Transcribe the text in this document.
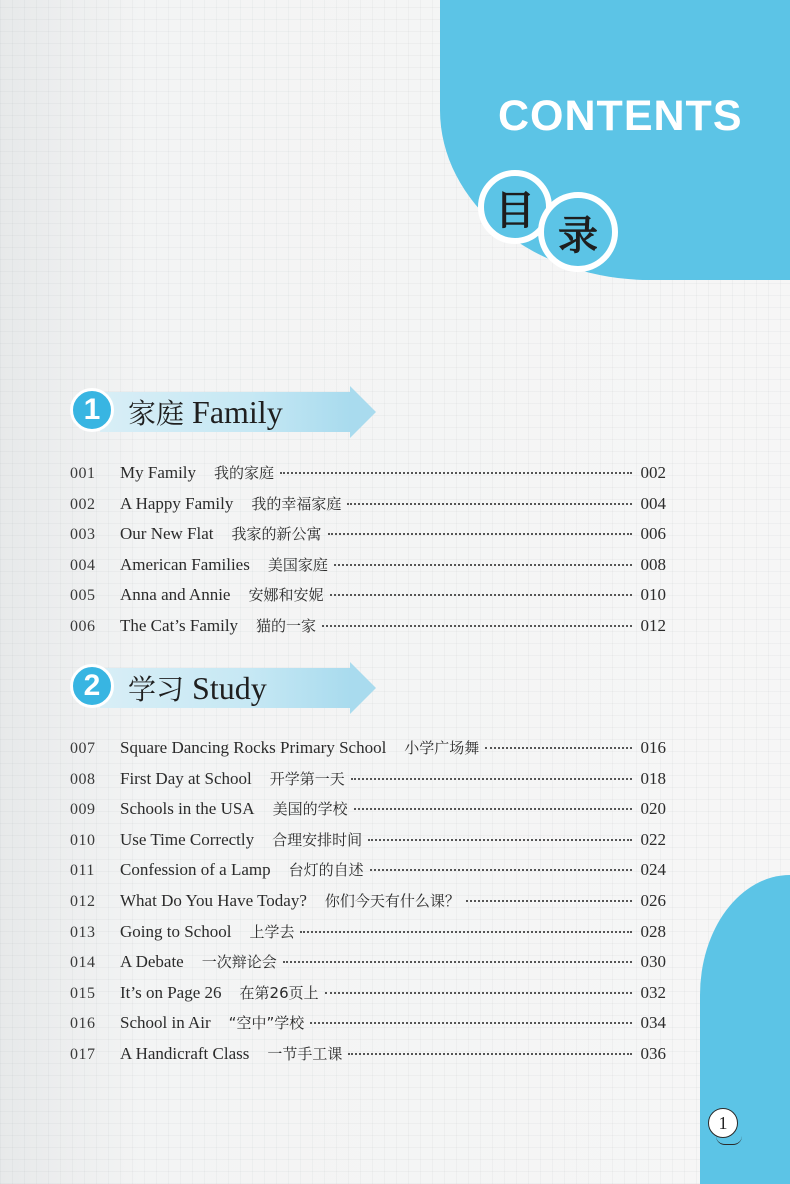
CONTENTS
目
录
1 家庭 Family
001	My Family 我的家庭	002
002	A Happy Family 我的幸福家庭	004
003	Our New Flat 我家的新公寓	006
004	American Families 美国家庭	008
005	Anna and Annie 安娜和安妮	010
006	The Cat’s Family 猫的一家	012
2 学习 Study
007	Square Dancing Rocks Primary School 小学广场舞	016
008	First Day at School 开学第一天	018
009	Schools in the USA 美国的学校	020
010	Use Time Correctly 合理安排时间	022
011	Confession of a Lamp 台灯的自述	024
012	What Do You Have Today? 你们今天有什么课？	026
013	Going to School 上学去	028
014	A Debate 一次辩论会	030
015	It’s on Page 26 在第26页上	032
016	School in Air “空中”学校	034
017	A Handicraft Class 一节手工课	036
1
